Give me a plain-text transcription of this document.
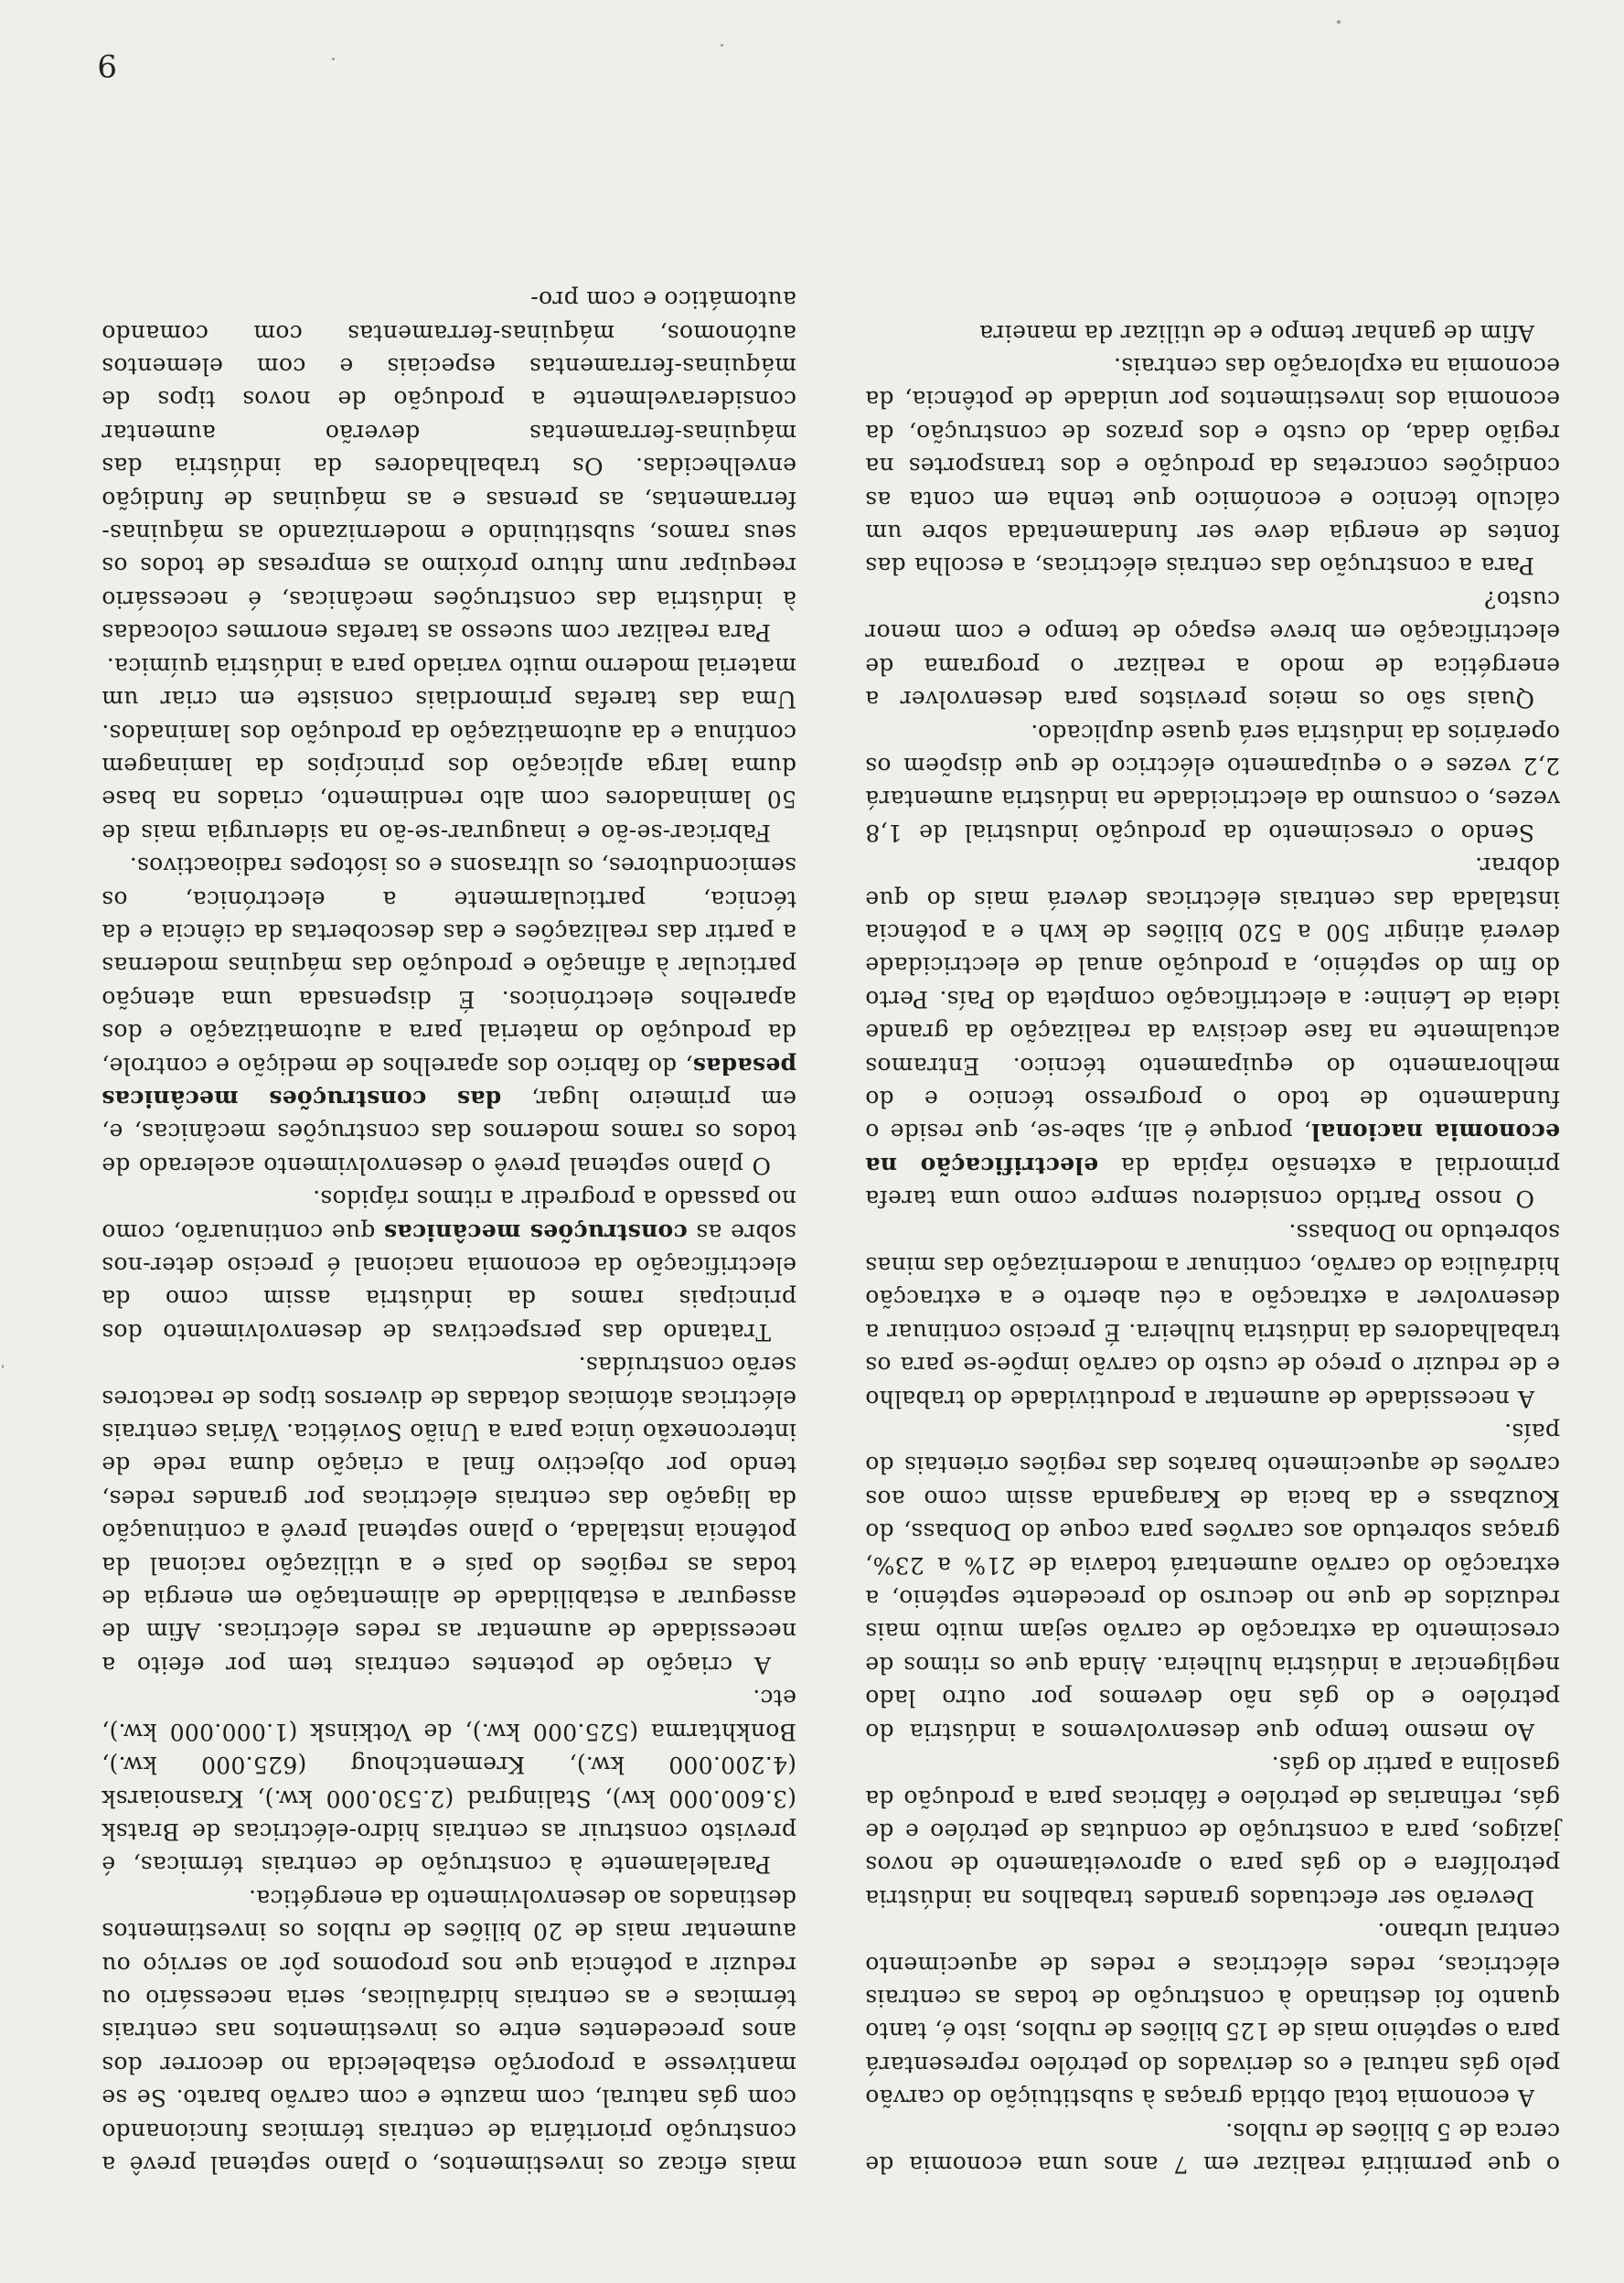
o que permitirá realizar em 7 anos uma economia de cerca de 5 biliões de rublos.

A economia total obtida graças à substituição do carvão pelo gás natural e os derivados do petróleo representará para o septénio mais de 125 biliões de rublos, isto é, tanto quanto foi destinado à construção de todas as centrais eléctricas, redes eléctricas e redes de aquecimento central urbano.

Deverão ser efectuados grandes trabalhos na indústria petrolífera e do gás para o aproveitamento de novos jazigos, para a construção de condutas de petróleo e de gás, refinarias de petróleo e fábricas para a produção da gasolina a partir do gás.

Ao mesmo tempo que desenvolvemos a indústria do petróleo e do gás não devemos por outro lado negligenciar a indústria hulheira. Ainda que os ritmos de crescimento da extracção de carvão sejam muito mais reduzidos de que no decurso do precedente septénio, a extracção do carvão aumentará todavia de 21% a 23%, graças sobretudo aos carvões para coque do Donbass, do Kouzbass e da bacia de Karaganda assim como aos carvões de aquecimento baratos das regiões orientais do país.

A necessidade de aumentar a produtividade do trabalho e de reduzir o preço de custo do carvão impõe-se para os trabalhadores da indústria hulheira. É preciso continuar a desenvolver a extracção a céu aberto e a extracção hidráulica do carvão, continuar a modernização das minas sobretudo no Donbass.

O nosso Partido considerou sempre como uma tarefa primordial a extensão rápida da electrificação na economia nacional, porque é ali, sabe-se, que reside o fundamento de todo o progresso técnico e do melhoramento do equipamento técnico. Entramos actualmente na fase decisiva da realização da grande ideia de Lénine: a electrificação completa do País. Perto do fim do septénio, a produção anual de electricidade deverá atingir 500 a 520 biliões de kwh e a potência instalada das centrais eléctricas deverá mais do que dobrar.

Sendo o crescimento da produção industrial de 1,8 vezes, o consumo da electricidade na indústria aumentará 2,2 vezes e o equipamento eléctrico de que dispõem os operários da indústria será quase duplicado.

Quais são os meios previstos para desenvolver a energética de modo a realizar o programa de electrificação em breve espaço de tempo e com menor custo?

Para a construção das centrais eléctricas, a escolha das fontes de energia deve ser fundamentada sobre um cálculo técnico e económico que tenha em conta as condições concretas da produção e dos transportes na região dada, do custo e dos prazos de construção, da economia dos investimentos por unidade de potência, da economia na exploração das centrais.

Afim de ganhar tempo e de utilizar da maneira

mais eficaz os investimentos, o plano septenal prevê a construção prioritária de centrais térmicas funcionando com gás natural, com mazute e com carvão barato. Se se mantivesse a proporção estabelecida no decorrer dos anos precedentes entre os investimentos nas centrais térmicas e as centrais hidráulicas, seria necessário ou reduzir a potência que nos propomos pôr ao serviço ou aumentar mais de 20 biliões de rublos os investimentos destinados ao desenvolvimento da energética.

Paralelamente à construção de centrais térmicas, é previsto construir as centrais hidro-eléctricas de Bratsk (3.600.000 kw), Stalingrad (2.530.000 kw.), Krasnoiarsk (4.200.000 kw.), Krementchoug (625.000 kw.), Bonkhtarma (525.000 kw.), de Votkinsk (1.000.000 kw.), etc.

A criação de potentes centrais tem por efeito a necessidade de aumentar as redes eléctricas. Afim de assegurar a estabilidade de alimentação em energia de todas as regiões do país e a utilização racional da potência instalada, o plano septenal prevê a continuação da ligação das centrais eléctricas por grandes redes, tendo por objectivo final a criação duma rede de interconexão única para a União Soviética. Várias centrais eléctricas atómicas dotadas de diversos tipos de reactores serão construídas.

Tratando das perspectivas de desenvolvimento dos principais ramos da indústria assim como da electrificação da economia nacional é preciso deter-nos sobre as construções mecânicas que continuarão, como no passado a progredir a ritmos rápidos.

O plano septenal prevê o desenvolvimento acelerado de todos os ramos modernos das construções mecânicas, e, em primeiro lugar, das construções mecânicas pesadas, do fabrico dos aparelhos de medição e controle, da produção do material para a automatização e dos aparelhos electrónicos. É dispensada uma atenção particular à afinação e produção das máquinas modernas a partir das realizações e das descobertas da ciência e da técnica, particularmente a electrónica, os semicondutores, os ultrasons e os isótopes radioactivos.

Fabricar-se-ão e inaugurar-se-ão na siderurgia mais de 50 laminadores com alto rendimento, criados na base duma larga aplicação dos princípios da laminagem contínua e da automatização da produção dos laminados. Uma das tarefas primordiais consiste em criar um material moderno muito variado para a indústria química.

Para realizar com sucesso as tarefas enormes colocadas à indústria das construções mecânicas, é necessário reequipar num futuro próximo as empresas de todos os seus ramos, substituindo e modernizando as máquinas-ferramentas, as prensas e as máquinas de fundição envelhecidas. Os trabalhadores da indústria das máquinas-ferramentas deverão aumentar consideravelmente a produção de novos tipos de máquinas-ferramentas especiais e com elementos autónomos, máquinas-ferramentas com comando automático e com pro-

9
